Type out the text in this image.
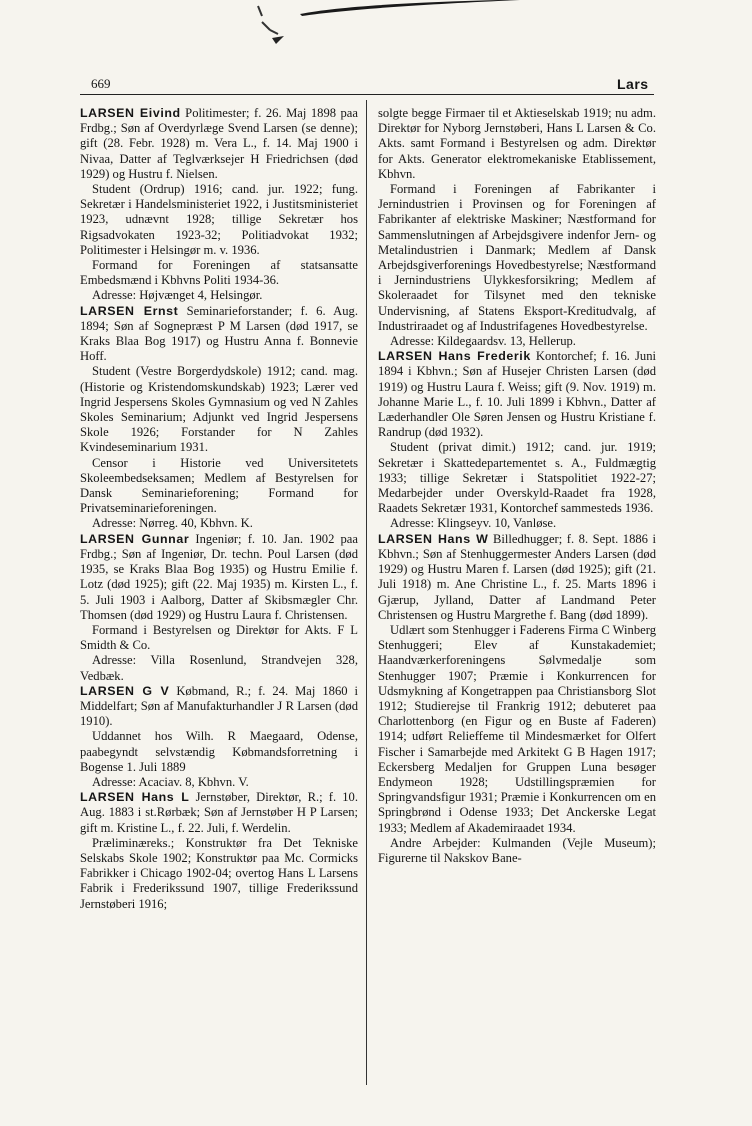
669	Lars

LARSEN Eivind Politimester; f. 26. Maj 1898 paa Frdbg.; Søn af Overdyrlæge Svend Larsen (se denne); gift (28. Febr. 1928) m. Vera L., f. 14. Maj 1900 i Nivaa, Datter af Teglværksejer H Friedrichsen (død 1929) og Hustru f. Nielsen.

Student (Ordrup) 1916; cand. jur. 1922; fung. Sekretær i Handelsministeriet 1922, i Justitsministeriet 1923, udnævnt 1928; tillige Sekretær hos Rigsadvokaten 1923-32; Politiadvokat 1932; Politimester i Helsingør m. v. 1936.

Formand for Foreningen af statsansatte Embedsmænd i Kbhvns Politi 1934-36.

Adresse: Højvænget 4, Helsingør.

LARSEN Ernst Seminarieforstander; f. 6. Aug. 1894; Søn af Sognepræst P M Larsen (død 1917, se Kraks Blaa Bog 1917) og Hustru Anna f. Bonnevie Hoff.

Student (Vestre Borgerdydskole) 1912; cand. mag. (Historie og Kristendomskundskab) 1923; Lærer ved Ingrid Jespersens Skoles Gymnasium og ved N Zahles Skoles Seminarium; Adjunkt ved Ingrid Jespersens Skole 1926; Forstander for N Zahles Kvindeseminarium 1931.

Censor i Historie ved Universitetets Skoleembedseksamen; Medlem af Bestyrelsen for Dansk Seminarieforening; Formand for Privatseminarieforeningen.

Adresse: Nørreg. 40, Kbhvn. K.

LARSEN Gunnar Ingeniør; f. 10. Jan. 1902 paa Frdbg.; Søn af Ingeniør, Dr. techn. Poul Larsen (død 1935, se Kraks Blaa Bog 1935) og Hustru Emilie f. Lotz (død 1925); gift (22. Maj 1935) m. Kirsten L., f. 5. Juli 1903 i Aalborg, Datter af Skibsmægler Chr. Thomsen (død 1929) og Hustru Laura f. Christensen.

Formand i Bestyrelsen og Direktør for Akts. F L Smidth & Co.

Adresse: Villa Rosenlund, Strandvejen 328, Vedbæk.

LARSEN G V Købmand, R.; f. 24. Maj 1860 i Middelfart; Søn af Manufakturhandler J R Larsen (død 1910).

Uddannet hos Wilh. R Maegaard, Odense, paabegyndt selvstændig Købmandsforretning i Bogense 1. Juli 1889

Adresse: Acaciav. 8, Kbhvn. V.

LARSEN Hans L Jernstøber, Direktør, R.; f. 10. Aug. 1883 i st.Rørbæk; Søn af Jernstøber H P Larsen; gift m. Kristine L., f. 22. Juli, f. Werdelin.

Præliminæreks.; Konstruktør fra Det Tekniske Selskabs Skole 1902; Konstruktør paa Mc. Cormicks Fabrikker i Chicago 1902-04; overtog Hans L Larsens Fabrik i Frederikssund 1907, tillige Frederikssund Jernstøberi 1916;

solgte begge Firmaer til et Aktieselskab 1919; nu adm. Direktør for Nyborg Jernstøberi, Hans L Larsen & Co. Akts. samt Formand i Bestyrelsen og adm. Direktør for Akts. Generator elektromekaniske Etablissement, Kbhvn.

Formand i Foreningen af Fabrikanter i Jernindustrien i Provinsen og for Foreningen af Fabrikanter af elektriske Maskiner; Næstformand for Sammenslutningen af Arbejdsgivere indenfor Jern- og Metalindustrien i Danmark; Medlem af Dansk Arbejdsgiverforenings Hovedbestyrelse; Næstformand i Jernindustriens Ulykkesforsikring; Medlem af Skoleraadet for Tilsynet med den tekniske Undervisning, af Statens Eksport-Kreditudvalg, af Industriraadet og af Industrifagenes Hovedbestyrelse.

Adresse: Kildegaardsv. 13, Hellerup.

LARSEN Hans Frederik Kontorchef; f. 16. Juni 1894 i Kbhvn.; Søn af Husejer Christen Larsen (død 1919) og Hustru Laura f. Weiss; gift (9. Nov. 1919) m. Johanne Marie L., f. 10. Juli 1899 i Kbhvn., Datter af Læderhandler Ole Søren Jensen og Hustru Kristiane f. Randrup (død 1932).

Student (privat dimit.) 1912; cand. jur. 1919; Sekretær i Skattedepartementet s. A., Fuldmægtig 1933; tillige Sekretær i Statspolitiet 1922-27; Medarbejder under Overskyld-Raadet fra 1928, Raadets Sekretær 1931, Kontorchef sammesteds 1936.

Adresse: Klingseyv. 10, Vanløse.

LARSEN Hans W Billedhugger; f. 8. Sept. 1886 i Kbhvn.; Søn af Stenhuggermester Anders Larsen (død 1929) og Hustru Maren f. Larsen (død 1925); gift (21. Juli 1918) m. Ane Christine L., f. 25. Marts 1896 i Gjærup, Jylland, Datter af Landmand Peter Christensen og Hustru Margrethe f. Bang (død 1899).

Udlært som Stenhugger i Faderens Firma C Winberg Stenhuggeri; Elev af Kunstakademiet; Haandværkerforeningens Sølvmedalje som Stenhugger 1907; Præmie i Konkurrencen for Udsmykning af Kongetrappen paa Christiansborg Slot 1912; Studierejse til Frankrig 1912; debuteret paa Charlottenborg (en Figur og en Buste af Faderen) 1914; udført Relieffeme til Mindesmærket for Olfert Fischer i Samarbejde med Arkitekt G B Hagen 1917; Eckersberg Medaljen for Gruppen Luna besøger Endymeon 1928; Udstillingspræmien for Springvandsfigur 1931; Præmie i Konkurrencen om en Springbrønd i Odense 1933; Det Anckerske Legat 1933; Medlem af Akademiraadet 1934.

Andre Arbejder: Kulmanden (Vejle Museum); Figurerne til Nakskov Bane-
